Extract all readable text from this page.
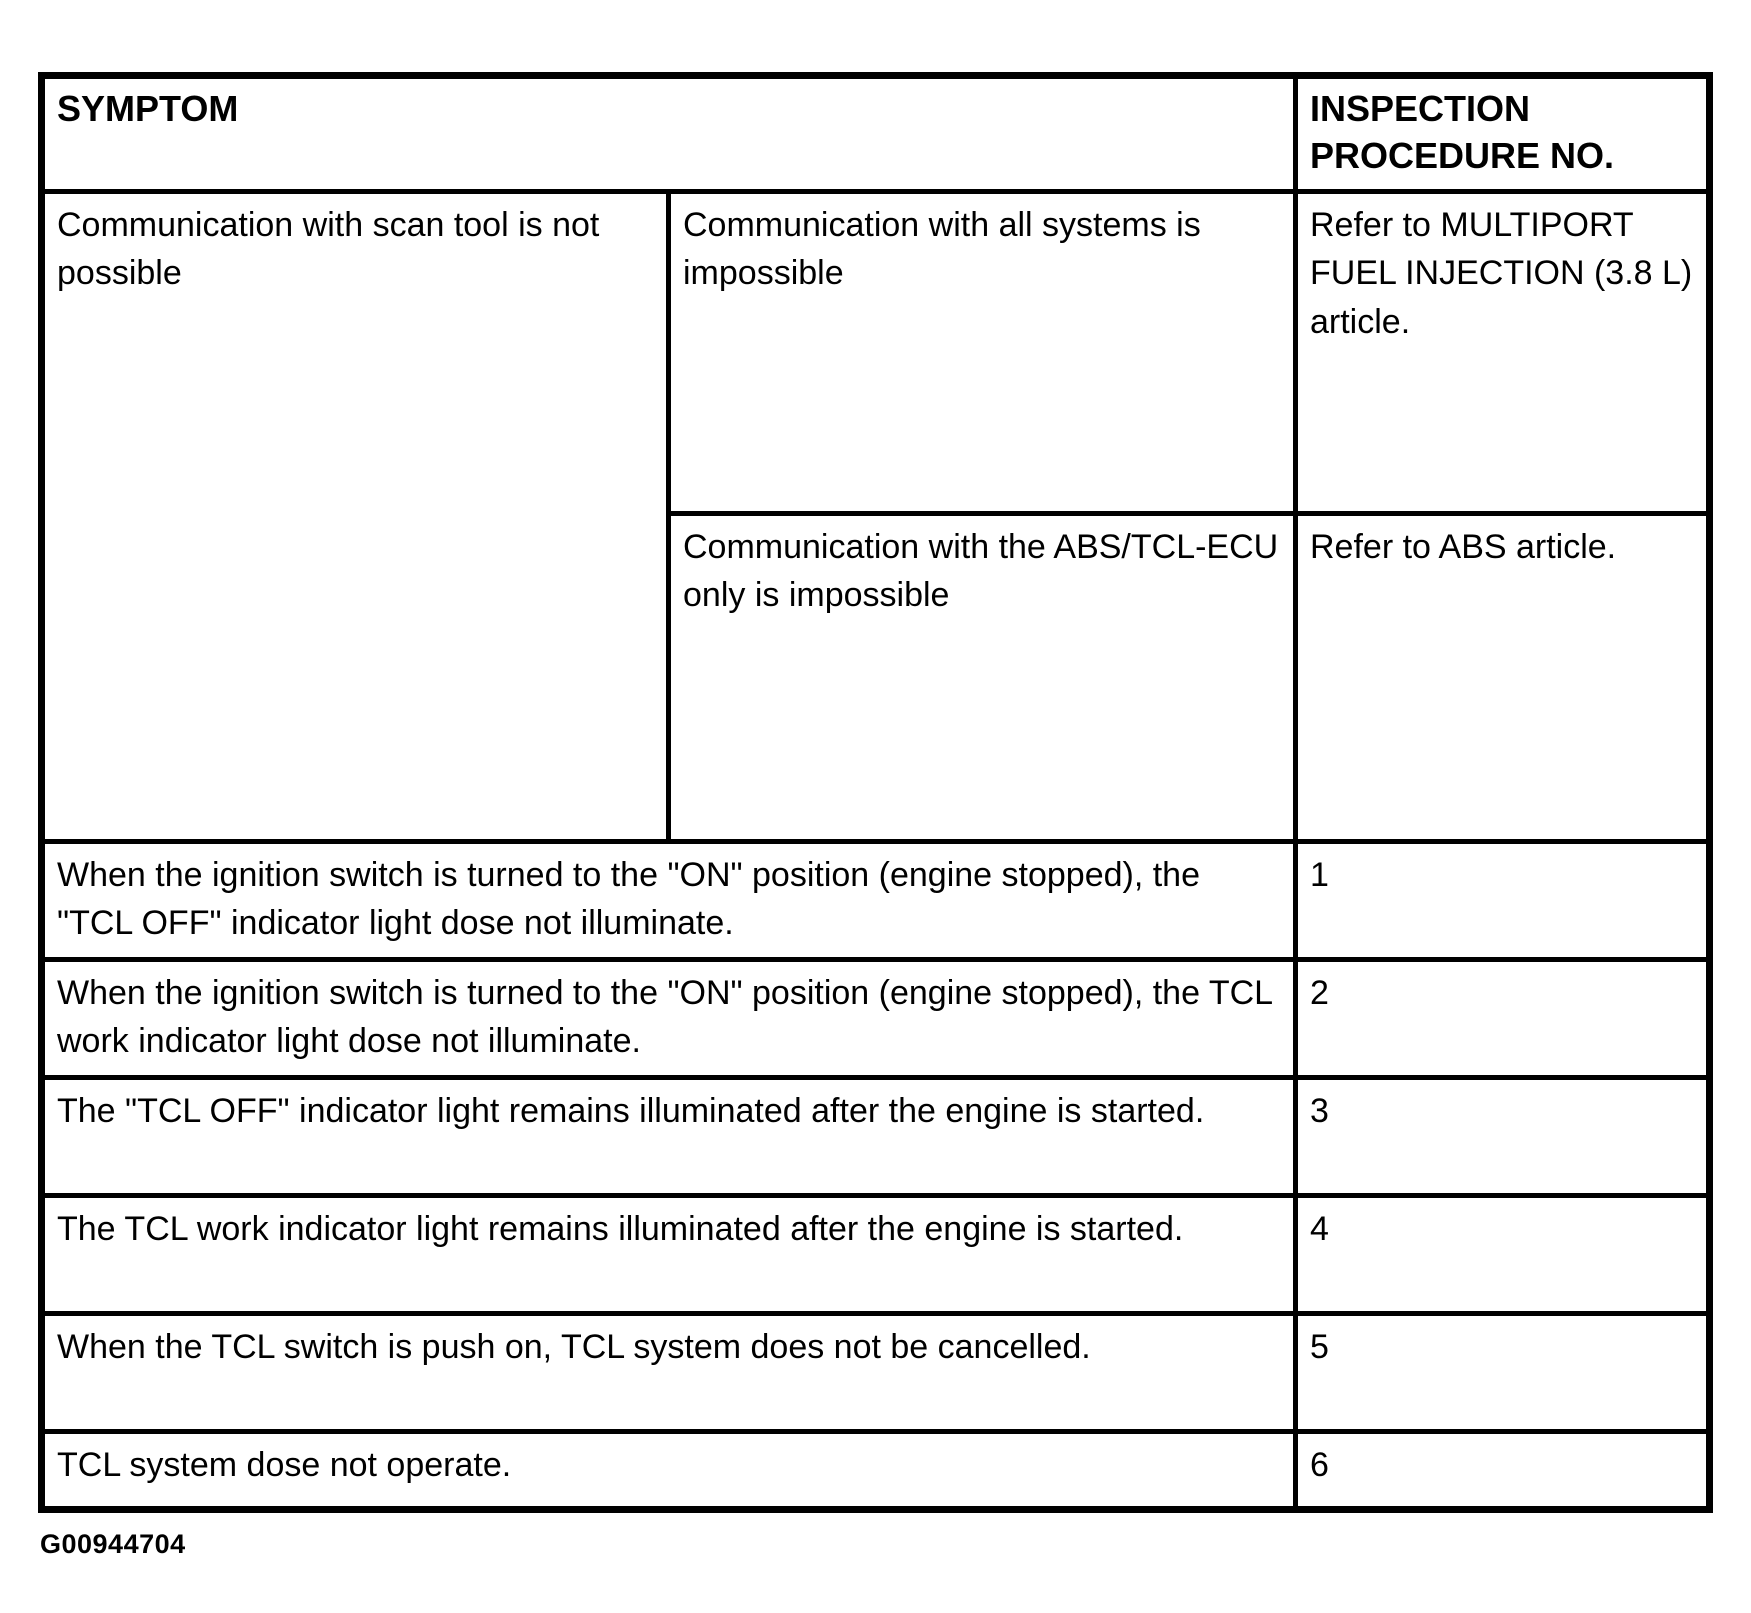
SYMPTOM		INSPECTION PROCEDURE NO.
Communication with scan tool is not possible	Communication with all systems is impossible	Refer to MULTIPORT FUEL INJECTION (3.8 L) article.
	Communication with the ABS/TCL-ECU only is impossible	Refer to ABS article.
When the ignition switch is turned to the "ON" position (engine stopped), the "TCL OFF" indicator light dose not illuminate.		1
When the ignition switch is turned to the "ON" position (engine stopped), the TCL work indicator light dose not illuminate.		2
The "TCL OFF" indicator light remains illuminated after the engine is started.		3
The TCL work indicator light remains illuminated after the engine is started.		4
When the TCL switch is push on, TCL system does not be cancelled.		5
TCL system dose not operate.		6
G00944704
